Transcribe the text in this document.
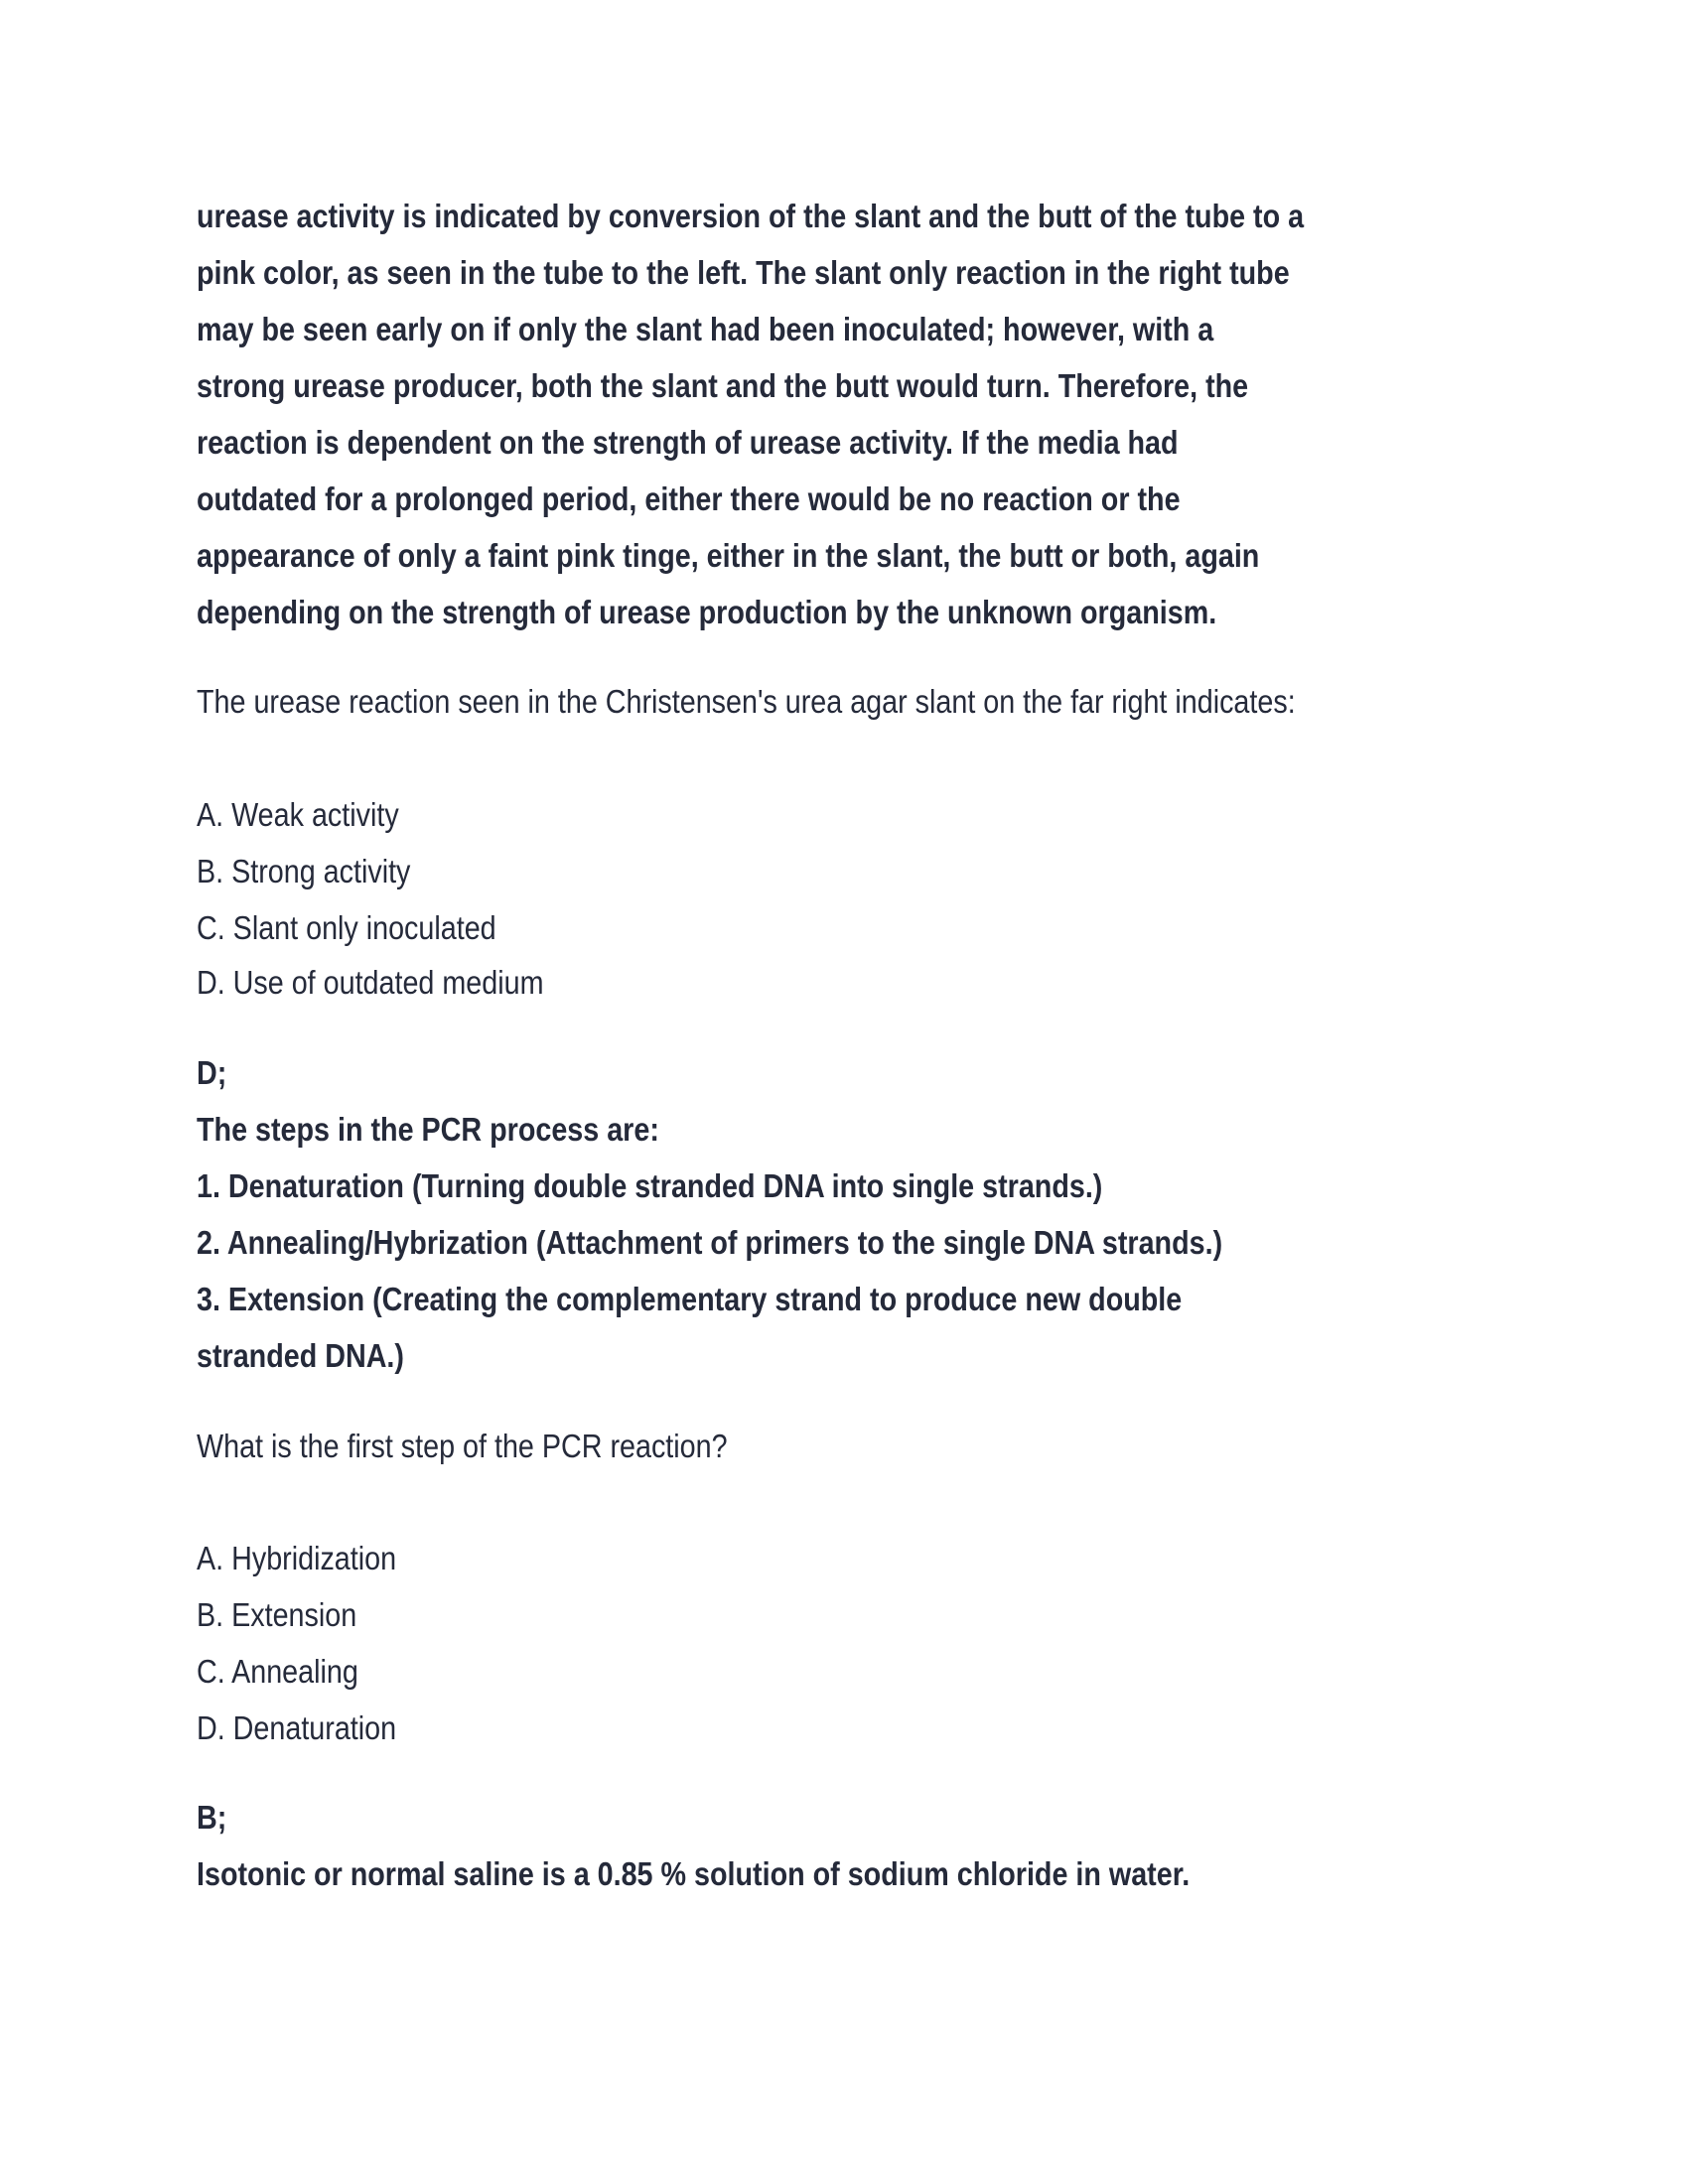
urease activity is indicated by conversion of the slant and the butt of the tube to a
pink color, as seen in the tube to the left. The slant only reaction in the right tube
may be seen early on if only the slant had been inoculated; however, with a
strong urease producer, both the slant and the butt would turn. Therefore, the
reaction is dependent on the strength of urease activity. If the media had
outdated for a prolonged period, either there would be no reaction or the
appearance of only a faint pink tinge, either in the slant, the butt or both, again
depending on the strength of urease production by the unknown organism.
The urease reaction seen in the Christensen's urea agar slant on the far right indicates:
A. Weak activity
B. Strong activity
C. Slant only inoculated
D. Use of outdated medium
D;
The steps in the PCR process are:
1. Denaturation (Turning double stranded DNA into single strands.)
2. Annealing/Hybrization (Attachment of primers to the single DNA strands.)
3. Extension (Creating the complementary strand to produce new double
stranded DNA.)
What is the first step of the PCR reaction?
A. Hybridization
B. Extension
C. Annealing
D. Denaturation
B;
Isotonic or normal saline is a 0.85 % solution of sodium chloride in water.
